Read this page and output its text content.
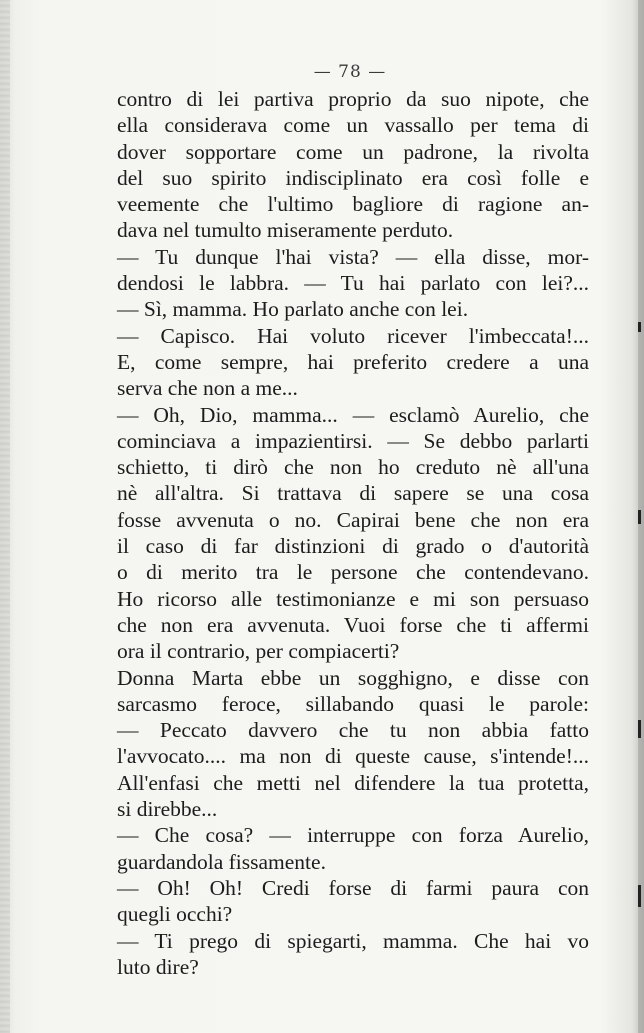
— 78 —
contro di lei partiva proprio da suo nipote, che
ella considerava come un vassallo per tema di
dover sopportare come un padrone, la rivolta
del suo spirito indisciplinato era così folle e
veemente che l'ultimo bagliore di ragione an-
dava nel tumulto miseramente perduto.
— Tu dunque l'hai vista? — ella disse, mor-
dendosi le labbra. — Tu hai parlato con lei?...
— Sì, mamma. Ho parlato anche con lei.
— Capisco. Hai voluto ricever l'imbeccata!...
E, come sempre, hai preferito credere a una
serva che non a me...
— Oh, Dio, mamma... — esclamò Aurelio, che
cominciava a impazientirsi. — Se debbo parlarti
schietto, ti dirò che non ho creduto nè all'una
nè all'altra. Si trattava di sapere se una cosa
fosse avvenuta o no. Capirai bene che non era
il caso di far distinzioni di grado o d'autorità
o di merito tra le persone che contendevano.
Ho ricorso alle testimonianze e mi son persuaso
che non era avvenuta. Vuoi forse che ti affermi
ora il contrario, per compiacerti?
Donna Marta ebbe un sogghigno, e disse con
sarcasmo feroce, sillabando quasi le parole:
— Peccato davvero che tu non abbia fatto
l'avvocato.... ma non di queste cause, s'intende!...
All'enfasi che metti nel difendere la tua protetta,
si direbbe...
— Che cosa? — interruppe con forza Aurelio,
guardandola fissamente.
— Oh! Oh! Credi forse di farmi paura con
quegli occhi?
— Ti prego di spiegarti, mamma. Che hai vo
luto dire?
